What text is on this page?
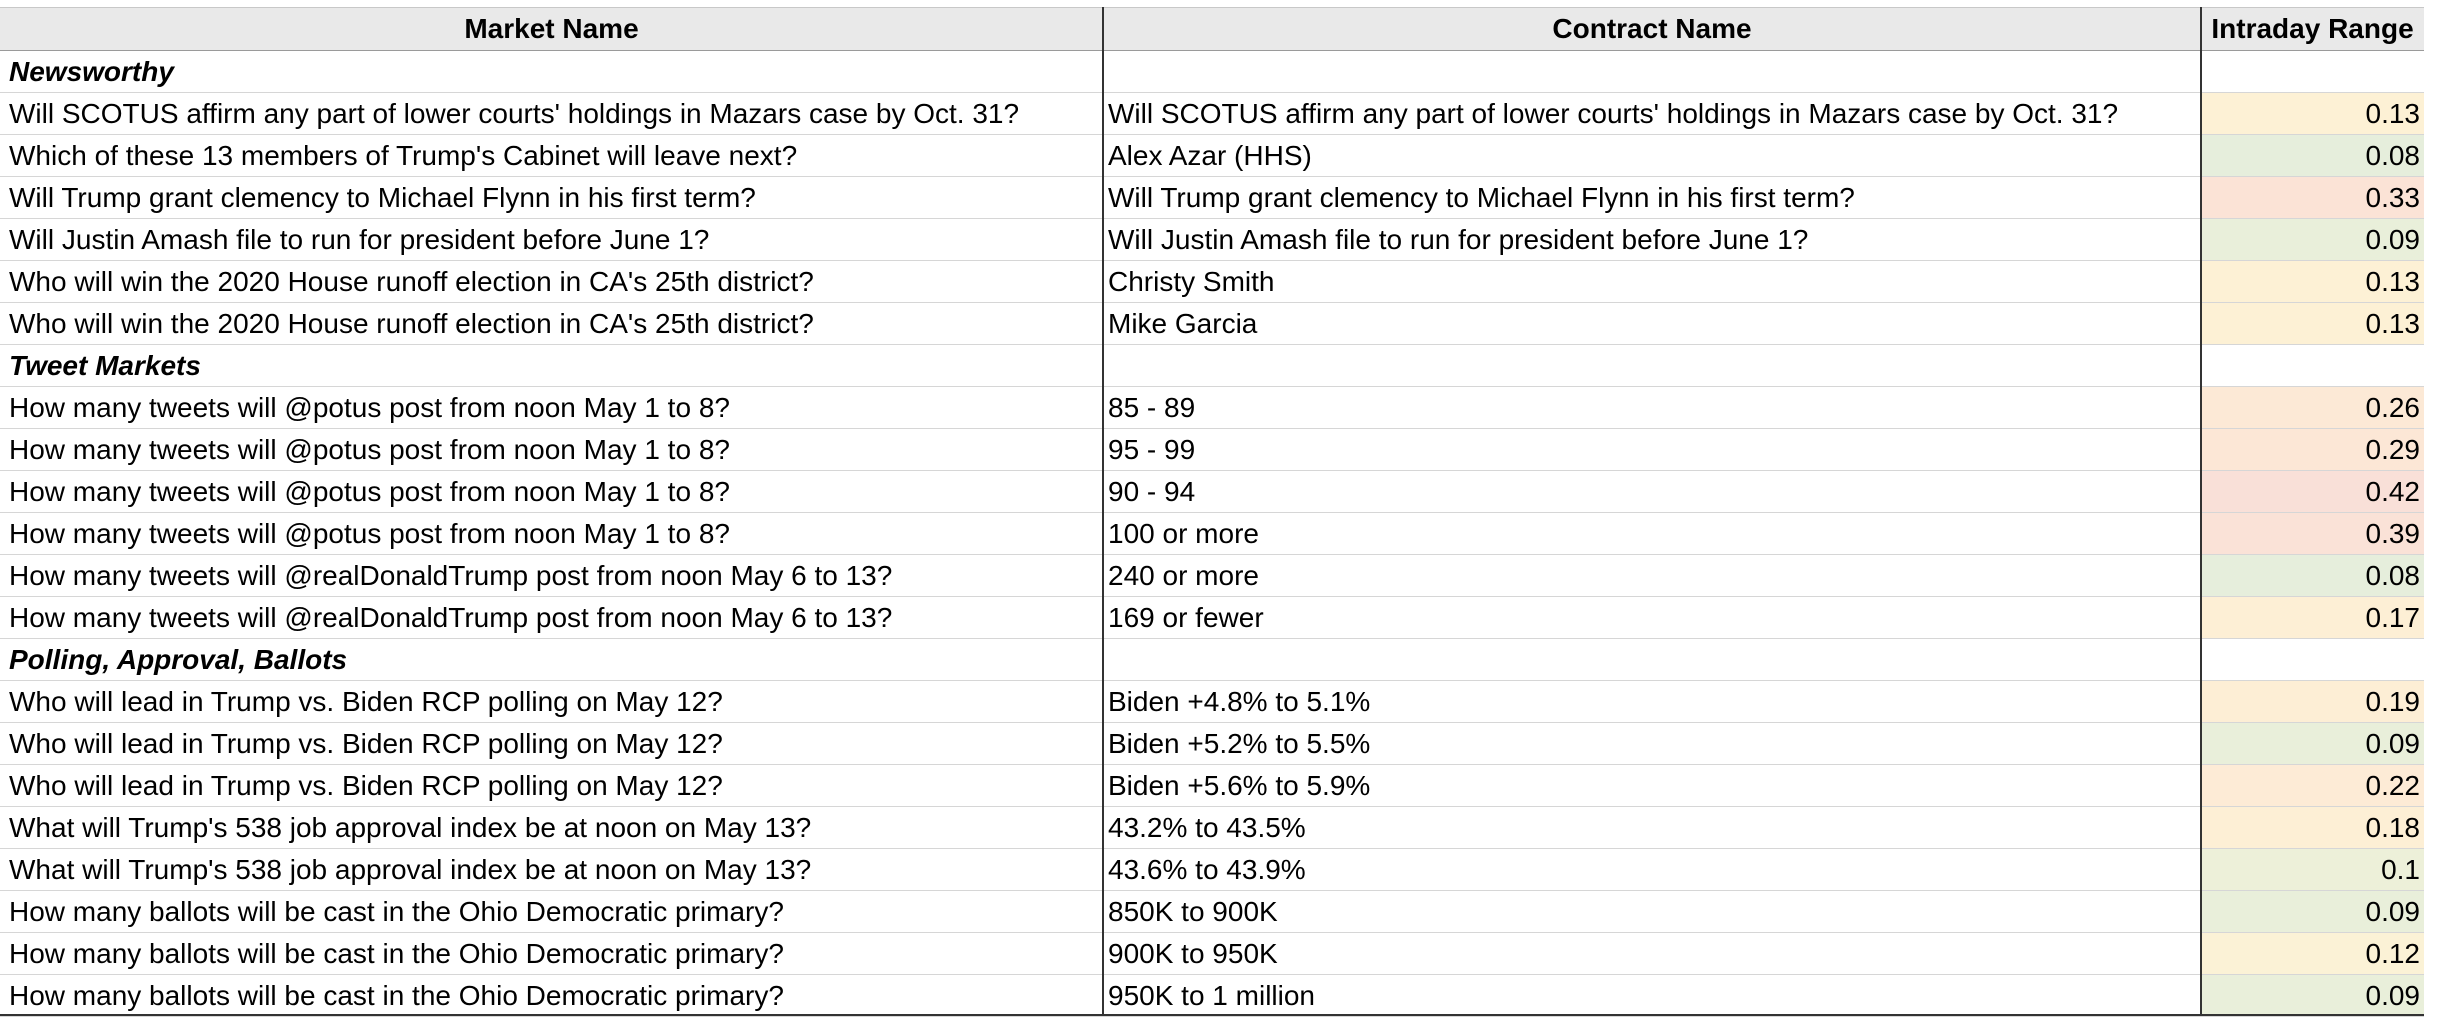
Market Name	Contract Name	Intraday Range
Newsworthy
Will SCOTUS affirm any part of lower courts' holdings in Mazars case by Oct. 31?	Will SCOTUS affirm any part of lower courts' holdings in Mazars case by Oct. 31?	0.13
Which of these 13 members of Trump's Cabinet will leave next?	Alex Azar (HHS)	0.08
Will Trump grant clemency to Michael Flynn in his first term?	Will Trump grant clemency to Michael Flynn in his first term?	0.33
Will Justin Amash file to run for president before June 1?	Will Justin Amash file to run for president before June 1?	0.09
Who will win the 2020 House runoff election in CA's 25th district?	Christy Smith	0.13
Who will win the 2020 House runoff election in CA's 25th district?	Mike Garcia	0.13
Tweet Markets
How many tweets will @potus post from noon May 1 to 8?	85 - 89	0.26
How many tweets will @potus post from noon May 1 to 8?	95 - 99	0.29
How many tweets will @potus post from noon May 1 to 8?	90 - 94	0.42
How many tweets will @potus post from noon May 1 to 8?	100 or more	0.39
How many tweets will @realDonaldTrump post from noon May 6 to 13?	240 or more	0.08
How many tweets will @realDonaldTrump post from noon May 6 to 13?	169 or fewer	0.17
Polling, Approval, Ballots
Who will lead in Trump vs. Biden RCP polling on May 12?	Biden +4.8% to 5.1%	0.19
Who will lead in Trump vs. Biden RCP polling on May 12?	Biden +5.2% to 5.5%	0.09
Who will lead in Trump vs. Biden RCP polling on May 12?	Biden +5.6% to 5.9%	0.22
What will Trump's 538 job approval index be at noon on May 13?	43.2% to 43.5%	0.18
What will Trump's 538 job approval index be at noon on May 13?	43.6% to 43.9%	0.1
How many ballots will be cast in the Ohio Democratic primary?	850K to 900K	0.09
How many ballots will be cast in the Ohio Democratic primary?	900K to 950K	0.12
How many ballots will be cast in the Ohio Democratic primary?	950K to 1 million	0.09
